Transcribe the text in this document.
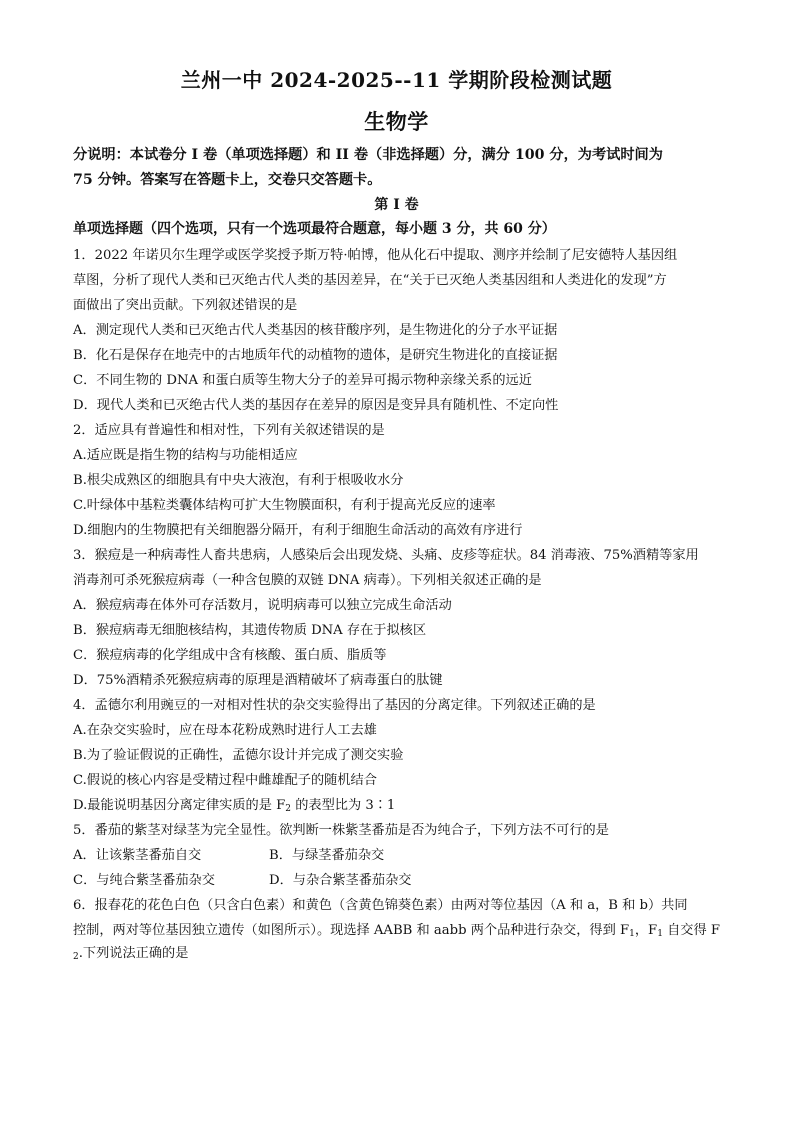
兰州一中 2024-2025--11 学期阶段检测试题
生物学
分说明：本试卷分 I 卷（单项选择题）和 II 卷（非选择题）分，满分 100 分，为考试时间为
75 分钟。答案写在答题卡上，交卷只交答题卡。
第 I 卷
单项选择题（四个选项，只有一个选项最符合题意，每小题 3 分，共 60 分）
1．2022 年诺贝尔生理学或医学奖授予斯万特·帕博，他从化石中提取、测序并绘制了尼安德特人基因组
草图，分析了现代人类和已灭绝古代人类的基因差异，在“关于已灭绝人类基因组和人类进化的发现”方
面做出了突出贡献。下列叙述错误的是
A．测定现代人类和已灭绝古代人类基因的核苷酸序列，是生物进化的分子水平证据
B．化石是保存在地壳中的古地质年代的动植物的遗体，是研究生物进化的直接证据
C．不同生物的 DNA 和蛋白质等生物大分子的差异可揭示物种亲缘关系的远近
D．现代人类和已灭绝古代人类的基因存在差异的原因是变异具有随机性、不定向性
2．适应具有普遍性和相对性，下列有关叙述错误的是
A.适应既是指生物的结构与功能相适应
B.根尖成熟区的细胞具有中央大液泡，有利于根吸收水分
C.叶绿体中基粒类囊体结构可扩大生物膜面积，有利于提高光反应的速率
D.细胞内的生物膜把有关细胞器分隔开，有利于细胞生命活动的高效有序进行
3．猴痘是一种病毒性人畜共患病，人感染后会出现发烧、头痛、皮疹等症状。84 消毒液、75%酒精等家用
消毒剂可杀死猴痘病毒（一种含包膜的双链 DNA 病毒）。下列相关叙述正确的是
A．猴痘病毒在体外可存活数月，说明病毒可以独立完成生命活动
B．猴痘病毒无细胞核结构，其遗传物质 DNA 存在于拟核区
C．猴痘病毒的化学组成中含有核酸、蛋白质、脂质等
D．75%酒精杀死猴痘病毒的原理是酒精破坏了病毒蛋白的肽键
4．孟德尔利用豌豆的一对相对性状的杂交实验得出了基因的分离定律。下列叙述正确的是
A.在杂交实验时，应在母本花粉成熟时进行人工去雄
B.为了验证假说的正确性，孟德尔设计并完成了测交实验
C.假说的核心内容是受精过程中雌雄配子的随机结合
D.最能说明基因分离定律实质的是 $F_2$ 的表型比为 3∶1
5．番茄的紫茎对绿茎为完全显性。欲判断一株紫茎番茄是否为纯合子，下列方法不可行的是
A．让该紫茎番茄自交	B．与绿茎番茄杂交
C．与纯合紫茎番茄杂交	D．与杂合紫茎番茄杂交
6．报春花的花色白色（只含白色素）和黄色（含黄色锦葵色素）由两对等位基因（A 和 a，B 和 b）共同
控制，两对等位基因独立遗传（如图所示）。现选择 AABB 和 aabb 两个品种进行杂交，得到 $F_1$，$F_1$ 自交得 F
$_2$.下列说法正确的是
